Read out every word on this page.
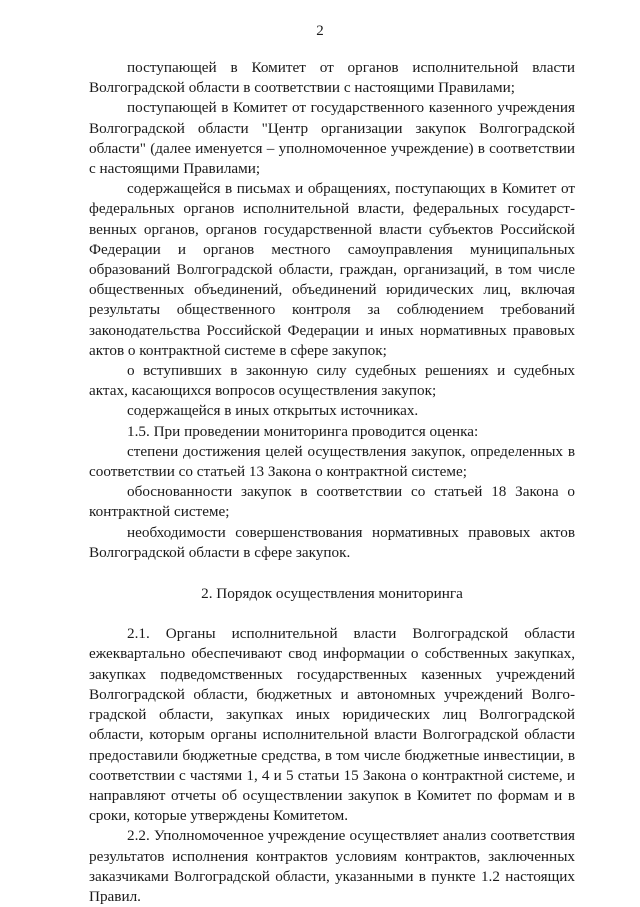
2

поступающей в Комитет от органов исполнительной власти Волгоградской области в соответствии с настоящими Правилами;

поступающей в Комитет от государственного казенного учреждения Волгоградской области "Центр организации закупок Волгоградской области" (далее именуется – уполномоченное учреждение) в соответствии с настоящими Правилами;

содержащейся в письмах и обращениях, поступающих в Комитет от федеральных органов исполнительной власти, федеральных государственных органов, органов государственной власти субъектов Российской Федерации и органов местного самоуправления муниципальных образований Волгоградской области, граждан, организаций, в том числе общественных объединений, объединений юридических лиц, включая результаты общественного контроля за соблюдением требований законодательства Российской Федерации и иных нормативных правовых актов о контрактной системе в сфере закупок;

о вступивших в законную силу судебных решениях и судебных актах, касающихся вопросов осуществления закупок;

содержащейся в иных открытых источниках.

1.5. При проведении мониторинга проводится оценка:

степени достижения целей осуществления закупок, определенных в соответствии со статьей 13 Закона о контрактной системе;

обоснованности закупок в соответствии со статьей 18 Закона о контрактной системе;

необходимости совершенствования нормативных правовых актов Волгоградской области в сфере закупок.

2. Порядок осуществления мониторинга

2.1. Органы исполнительной власти Волгоградской области ежеквартально обеспечивают свод информации о собственных закупках, закупках подведомственных государственных казенных учреждений Волгоградской области, бюджетных и автономных учреждений Волгоградской области, закупках иных юридических лиц Волгоградской области, которым органы исполнительной власти Волгоградской области предоставили бюджетные средства, в том числе бюджетные инвестиции, в соответствии с частями 1, 4 и 5 статьи 15 Закона о контрактной системе, и направляют отчеты об осуществлении закупок в Комитет по формам и в сроки, которые утверждены Комитетом.

2.2. Уполномоченное учреждение осуществляет анализ соответствия результатов исполнения контрактов условиям контрактов, заключенных заказчиками Волгоградской области, указанными в пункте 1.2 настоящих Правил.
